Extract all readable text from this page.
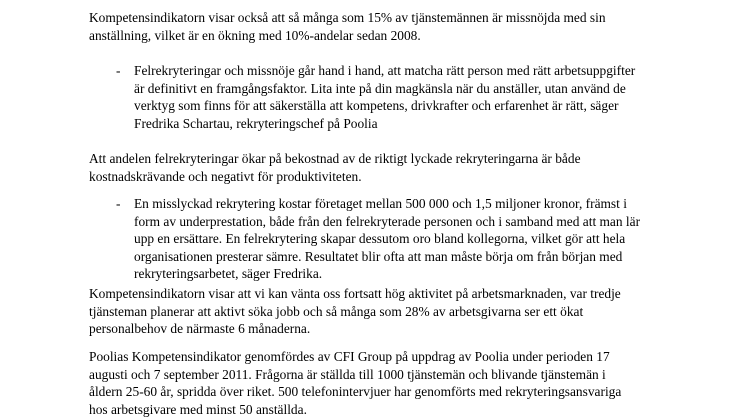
Kompetensindikatorn visar också att så många som 15% av tjänstemännen är missnöjda med sin
anställning, vilket är en ökning med 10%-andelar sedan 2008.

- Felrekryteringar och missnöje går hand i hand, att matcha rätt person med rätt arbetsuppgifter
är definitivt en framgångsfaktor. Lita inte på din magkänsla när du anställer, utan använd de
verktyg som finns för att säkerställa att kompetens, drivkrafter och erfarenhet är rätt, säger
Fredrika Schartau, rekryteringschef på Poolia

Att andelen felrekryteringar ökar på bekostnad av de riktigt lyckade rekryteringarna är både
kostnadskrävande och negativt för produktiviteten.

- En misslyckad rekrytering kostar företaget mellan 500 000 och 1,5 miljoner kronor, främst i
form av underprestation, både från den felrekryterade personen och i samband med att man lär
upp en ersättare. En felrekrytering skapar dessutom oro bland kollegorna, vilket gör att hela
organisationen presterar sämre. Resultatet blir ofta att man måste börja om från början med
rekryteringsarbetet, säger Fredrika.

Kompetensindikatorn visar att vi kan vänta oss fortsatt hög aktivitet på arbetsmarknaden, var tredje
tjänsteman planerar att aktivt söka jobb och så många som 28% av arbetsgivarna ser ett ökat
personalbehov de närmaste 6 månaderna.

Poolias Kompetensindikator genomfördes av CFI Group på uppdrag av Poolia under perioden 17
augusti och 7 september 2011. Frågorna är ställda till 1000 tjänstemän och blivande tjänstemän i
åldern 25-60 år, spridda över riket. 500 telefonintervjuer har genomförts med rekryteringsansvariga
hos arbetsgivare med minst 50 anställda.
